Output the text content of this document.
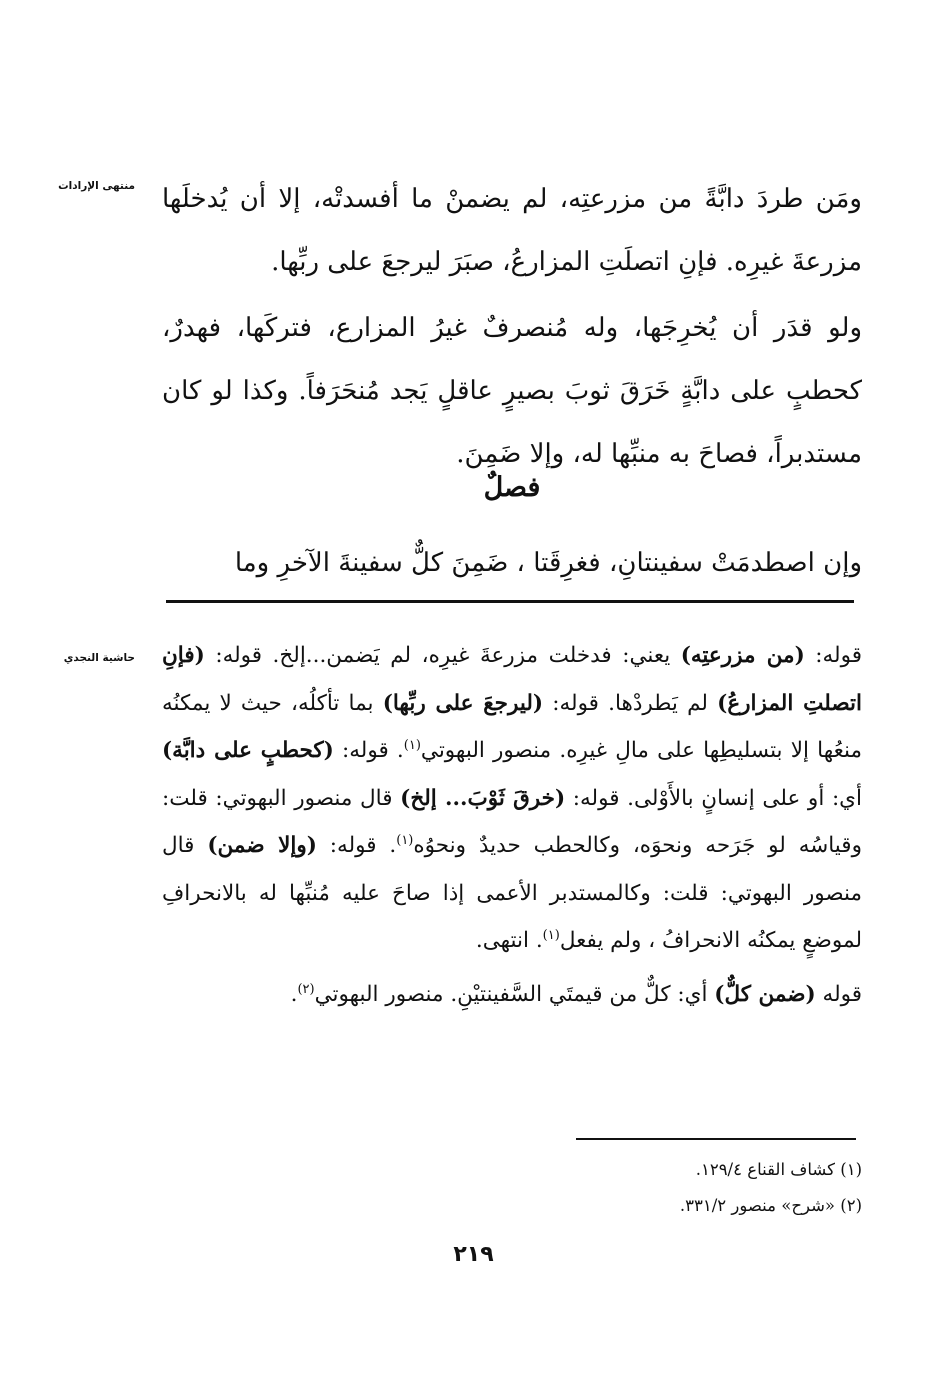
منتهى الإرادات
حاشية النجدي

ومَن طردَ دابَّةً من مزرعتِه، لم يضمنْ ما أفسدتْه، إلا أن يُدخلَها مزرعةَ غيرِه. فإنِ اتصلَتِ المزارعُ، صبَرَ ليرجعَ على ربِّها.

ولو قدَر أن يُخرِجَها، وله مُنصرفٌ غيرُ المزارع، فتركَها، فهدرٌ، كحطبٍ على دابَّةٍ خَرَقَ ثوبَ بصيرٍ عاقلٍ يَجد مُنحَرَفاً. وكذا لو كان مستدبراً، فصاحَ به منبِّها له، وإلا ضَمِنَ.

فصلٌ
وإن اصطدمَتْ سفينتانِ، فغرِقَتا ، ضَمِنَ كلٌّ سفينةَ الآخرِ وما

قوله: (من مزرعتِه) يعني: فدخلت مزرعةَ غيرِه، لم يَضمن...إلخ. قوله: (فإنِ اتصلتِ المزارعُ) لم يَطردْها. قوله: (ليرجعَ على ربِّها) بما تأكلُه، حيث لا يمكنُه منعُها إلا بتسليطِها على مالِ غيرِه. منصور البهوتي$^{(١)}$. قوله: (كحطبٍ على دابَّة) أي: أو على إنسانٍ بالأَوْلى. قوله: (خرقَ ثَوْبَ... إلخ) قال منصور البهوتي: قلت: وقياسُه لو جَرَحه ونحوَه، وكالحطب حديدٌ ونحوُه$^{(١)}$. قوله: (وإلا ضمن) قال منصور البهوتي: قلت: وكالمستدبر الأعمى إذا صاحَ عليه مُنبِّها له بالانحرافِ لموضعٍ يمكنُه الانحرافُ ، ولم يفعل$^{(١)}$. انتهى.

قوله (ضمن كلٌّ) أي: كلٌّ من قيمتَي السَّفينتيْنِ. منصور البهوتي$^{(٢)}$.

(١) كشاف القناع ١٢٩/٤.
(٢) «شرح» منصور ٣٣١/٢.
٢١٩
